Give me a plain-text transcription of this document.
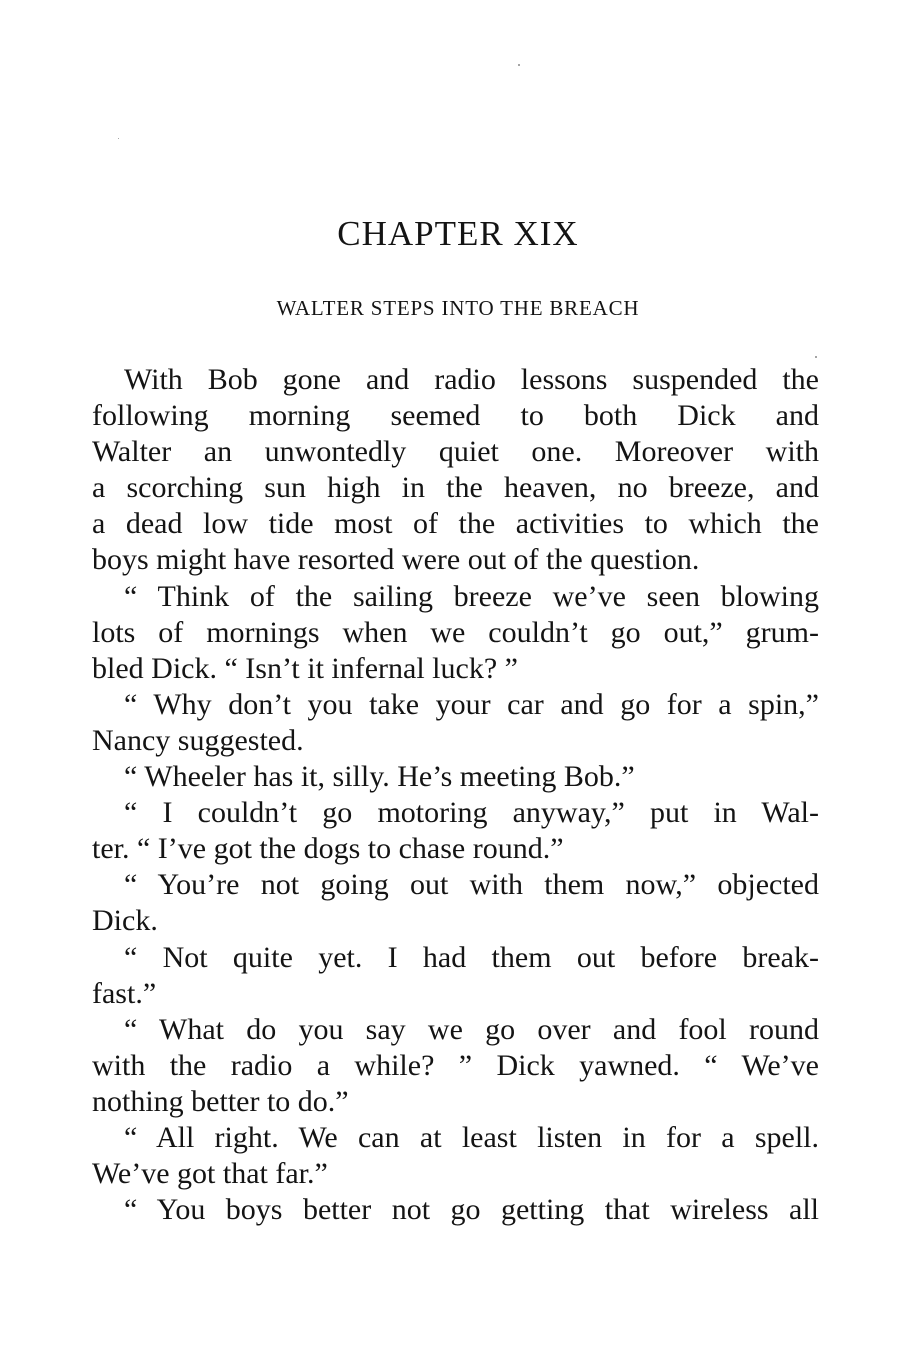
CHAPTER XIX
WALTER STEPS INTO THE BREACH
With Bob gone and radio lessons suspended the
following morning seemed to both Dick and
Walter an unwontedly quiet one. Moreover with
a scorching sun high in the heaven, no breeze, and
a dead low tide most of the activities to which the
boys might have resorted were out of the question.
“ Think of the sailing breeze we’ve seen blowing
lots of mornings when we couldn’t go out,” grum-
bled Dick. “ Isn’t it infernal luck? ”
“ Why don’t you take your car and go for a spin,”
Nancy suggested.
“ Wheeler has it, silly. He’s meeting Bob.”
“ I couldn’t go motoring anyway,” put in Wal-
ter. “ I’ve got the dogs to chase round.”
“ You’re not going out with them now,” objected
Dick.
“ Not quite yet. I had them out before break-
fast.”
“ What do you say we go over and fool round
with the radio a while? ” Dick yawned. “ We’ve
nothing better to do.”
“ All right. We can at least listen in for a spell.
We’ve got that far.”
“ You boys better not go getting that wireless all
